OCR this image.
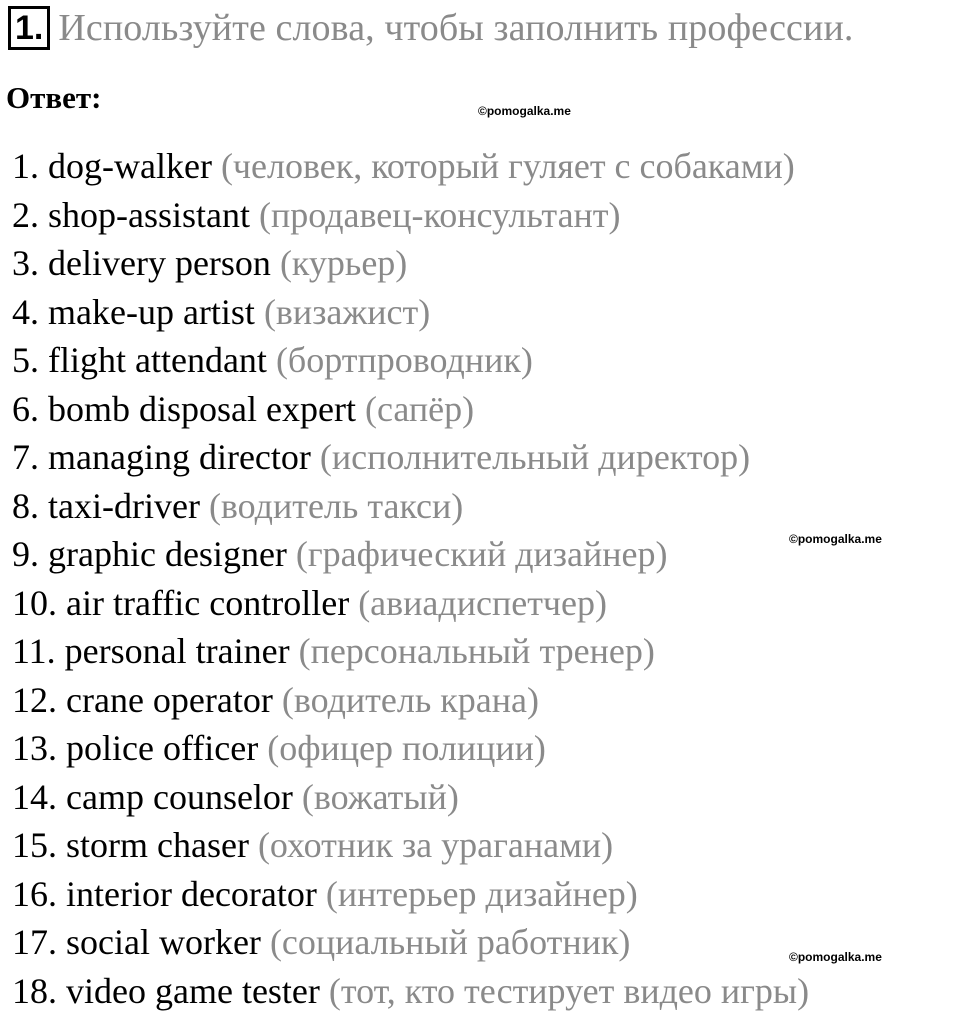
1. Используйте слова, чтобы заполнить профессии.
Ответ:	©pomogalka.me
©pomogalka.me
©pomogalka.me
1. dog-walker (человек, который гуляет с собаками)
2. shop-assistant (продавец-консультант)
3. delivery person (курьер)
4. make-up artist (визажист)
5. flight attendant (бортпроводник)
6. bomb disposal expert (сапёр)
7. managing director (исполнительный директор)
8. taxi-driver (водитель такси)
9. graphic designer (графический дизайнер)
10. air traffic controller (авиадиспетчер)
11. personal trainer (персональный тренер)
12. crane operator (водитель крана)
13. police officer (офицер полиции)
14. camp counselor (вожатый)
15. storm chaser (охотник за ураганами)
16. interior decorator (интерьер дизайнер)
17. social worker (социальный работник)
18. video game tester (тот, кто тестирует видео игры)
